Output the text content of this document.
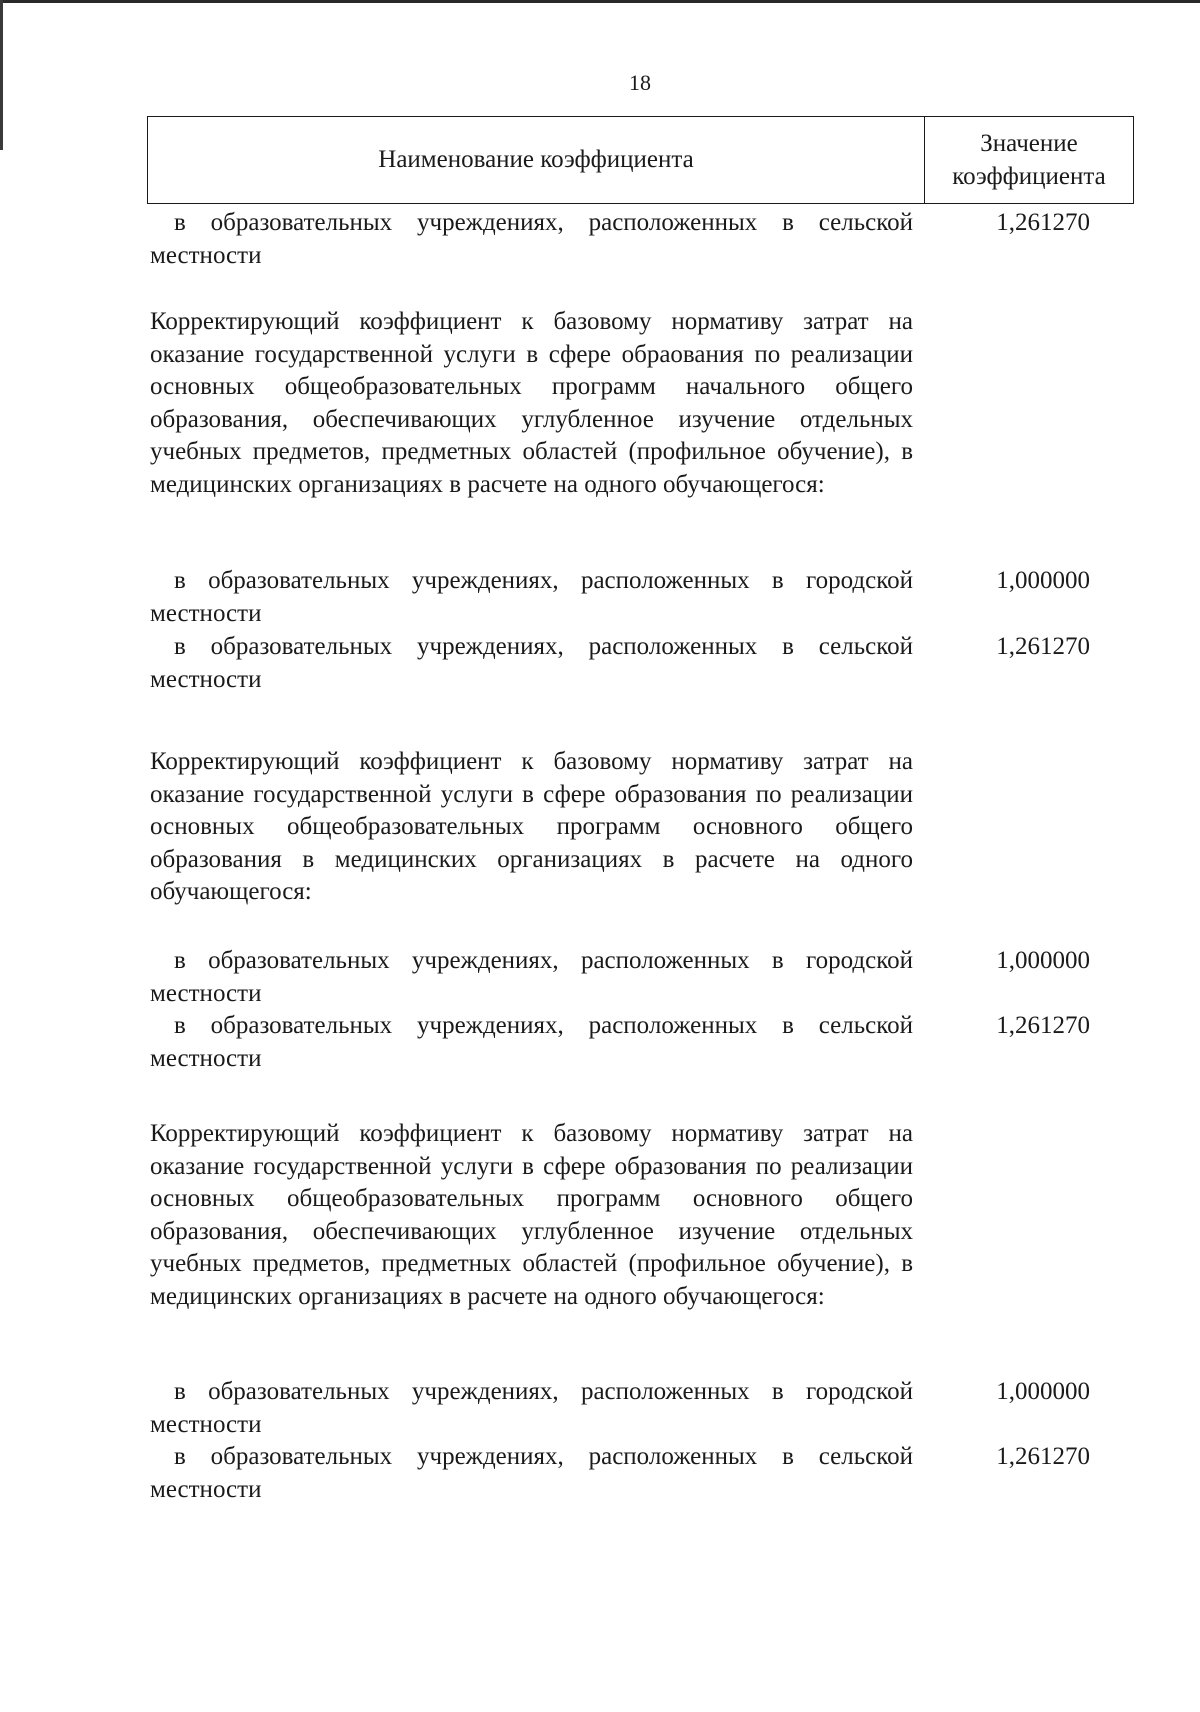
18
Наименование коэффициента
Значение
коэффициента
в образовательных учреждениях, расположенных в сельской местности
1,261270
Корректирующий коэффициент к базовому нормативу затрат на оказание государственной услуги в сфере обраования по реализации основных общеобразовательных программ начального общего образования, обеспечивающих углубленное изучение отдельных учебных предметов, предметных областей (профильное обучение), в медицинских организациях в расчете на одного обучающегося:
в образовательных учреждениях, расположенных в городской местности
1,000000
в образовательных учреждениях, расположенных в сельской местности
1,261270
Корректирующий коэффициент к базовому нормативу затрат на оказание государственной услуги в сфере образования по реализации основных общеобразовательных программ основного общего образования в медицинских организациях в расчете на одного обучающегося:
в образовательных учреждениях, расположенных в городской местности
1,000000
в образовательных учреждениях, расположенных в сельской местности
1,261270
Корректирующий коэффициент к базовому нормативу затрат на оказание государственной услуги в сфере образования по реализации основных общеобразовательных программ основного общего образования, обеспечивающих углубленное изучение отдельных учебных предметов, предметных областей (профильное обучение), в медицинских организациях в расчете на одного обучающегося:
в образовательных учреждениях, расположенных в городской местности
1,000000
в образовательных учреждениях, расположенных в сельской местности
1,261270
